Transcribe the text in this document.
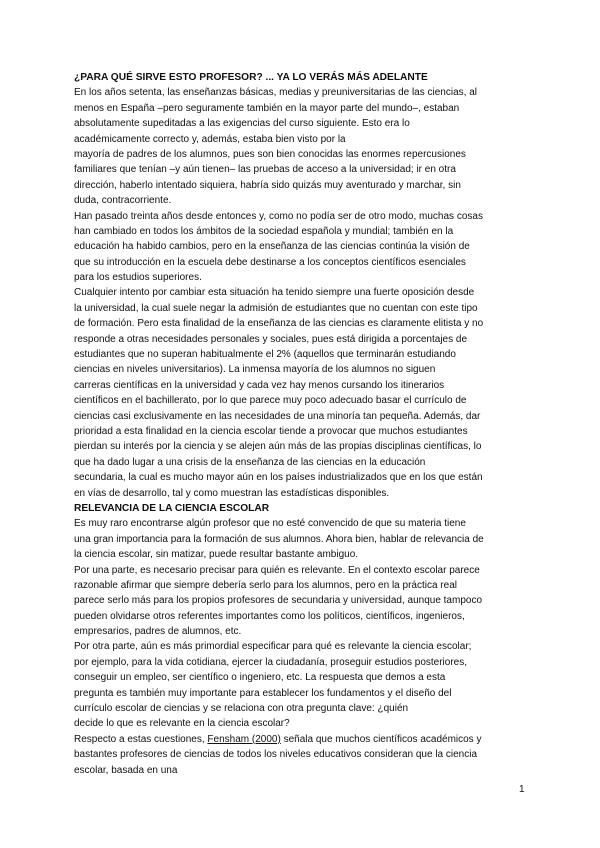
¿PARA QUÉ SIRVE ESTO PROFESOR? ... YA LO VERÁS MÁS ADELANTE
En los años setenta, las enseñanzas básicas, medias y preuniversitarias de las ciencias, al
menos en España –pero seguramente también en la mayor parte del mundo–, estaban
absolutamente supeditadas a las exigencias del curso siguiente. Esto era lo
académicamente correcto y, además, estaba bien visto por la
mayoría de padres de los alumnos, pues son bien conocidas las enormes repercusiones
familiares que tenían –y aún tienen– las pruebas de acceso a la universidad; ir en otra
dirección, haberlo intentado siquiera, habría sido quizás muy aventurado y marchar, sin
duda, contracorriente.
Han pasado treinta años desde entonces y, como no podía ser de otro modo, muchas cosas
han cambiado en todos los ámbitos de la sociedad española y mundial; también en la
educación ha habido cambios, pero en la enseñanza de las ciencias continúa la visión de
que su introducción en la escuela debe destinarse a los conceptos científicos esenciales
para los estudios superiores.
Cualquier intento por cambiar esta situación ha tenido siempre una fuerte oposición desde
la universidad, la cual suele negar la admisión de estudiantes que no cuentan con este tipo
de formación. Pero esta finalidad de la enseñanza de las ciencias es claramente elitista y no
responde a otras necesidades personales y sociales, pues está dirigida a porcentajes de
estudiantes que no superan habitualmente el 2% (aquellos que terminarán estudiando
ciencias en niveles universitarios). La inmensa mayoría de los alumnos no siguen
carreras científicas en la universidad y cada vez hay menos cursando los itinerarios
científicos en el bachillerato, por lo que parece muy poco adecuado basar el currículo de
ciencias casi exclusivamente en las necesidades de una minoría tan pequeña. Además, dar
prioridad a esta finalidad en la ciencia escolar tiende a provocar que muchos estudiantes
pierdan su interés por la ciencia y se alejen aún más de las propias disciplinas científicas, lo
que ha dado lugar a una crisis de la enseñanza de las ciencias en la educación
secundaria, la cual es mucho mayor aún en los países industrializados que en los que están
en vías de desarrollo, tal y como muestran las estadísticas disponibles.
RELEVANCIA DE LA CIENCIA ESCOLAR
Es muy raro encontrarse algún profesor que no esté convencido de que su materia tiene
una gran importancia para la formación de sus alumnos. Ahora bien, hablar de relevancia de
la ciencia escolar, sin matizar, puede resultar bastante ambiguo.
Por una parte, es necesario precisar para quién es relevante. En el contexto escolar parece
razonable afirmar que siempre debería serlo para los alumnos, pero en la práctica real
parece serlo más para los propios profesores de secundaria y universidad, aunque tampoco
pueden olvidarse otros referentes importantes como los políticos, científicos, ingenieros,
empresarios, padres de alumnos, etc.
Por otra parte, aún es más primordial especificar para qué es relevante la ciencia escolar;
por ejemplo, para la vida cotidiana, ejercer la ciudadanía, proseguir estudios posteriores,
conseguir un empleo, ser científico o ingeniero, etc. La respuesta que demos a esta
pregunta es también muy importante para establecer los fundamentos y el diseño del
currículo escolar de ciencias y se relaciona con otra pregunta clave: ¿quién
decide lo que es relevante en la ciencia escolar?
Respecto a estas cuestiones, Fensham (2000) señala que muchos científicos académicos y
bastantes profesores de ciencias de todos los niveles educativos consideran que la ciencia
escolar, basada en una
1
